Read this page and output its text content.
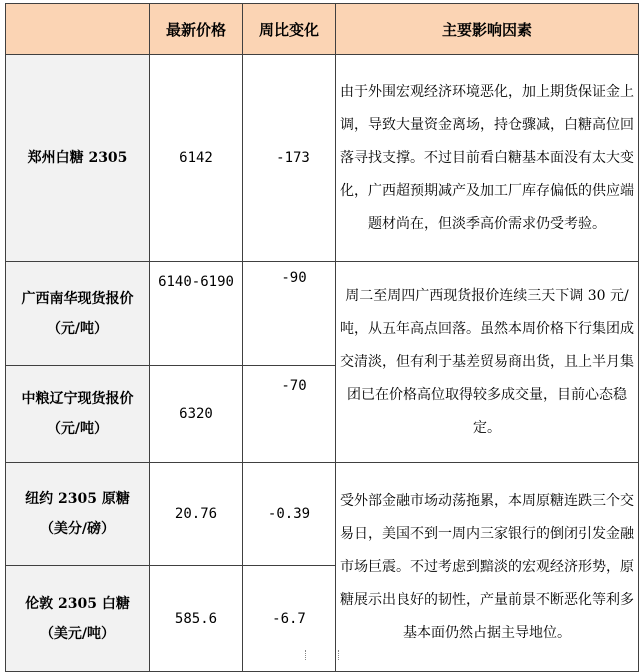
	最新价格	周比变化	主要影响因素
郑州白糖 2305	6142	-173	由于外围宏观经济环境恶化，加上期货保证金上调，导致大量资金离场，持仓骤减，白糖高位回落寻找支撑。不过目前看白糖基本面没有太大变化，广西超预期减产及加工厂库存偏低的供应端题材尚在，但淡季高价需求仍受考验。
广西南华现货报价（元/吨）	6140-6190	-90	周二至周四广西现货报价连续三天下调 30 元/吨，从五年高点回落。虽然本周价格下行集团成交清淡，但有利于基差贸易商出货，且上半月集团已在价格高位取得较多成交量，目前心态稳定。
中粮辽宁现货报价（元/吨）	6320	-70	
纽约 2305 原糖（美分/磅）	20.76	-0.39	受外部金融市场动荡拖累，本周原糖连跌三个交易日，美国不到一周内三家银行的倒闭引发金融市场巨震。不过考虑到黯淡的宏观经济形势，原糖展示出良好的韧性，产量前景不断恶化等利多基本面仍然占据主导地位。
伦敦 2305 白糖（美元/吨）	585.6	-6.7	
